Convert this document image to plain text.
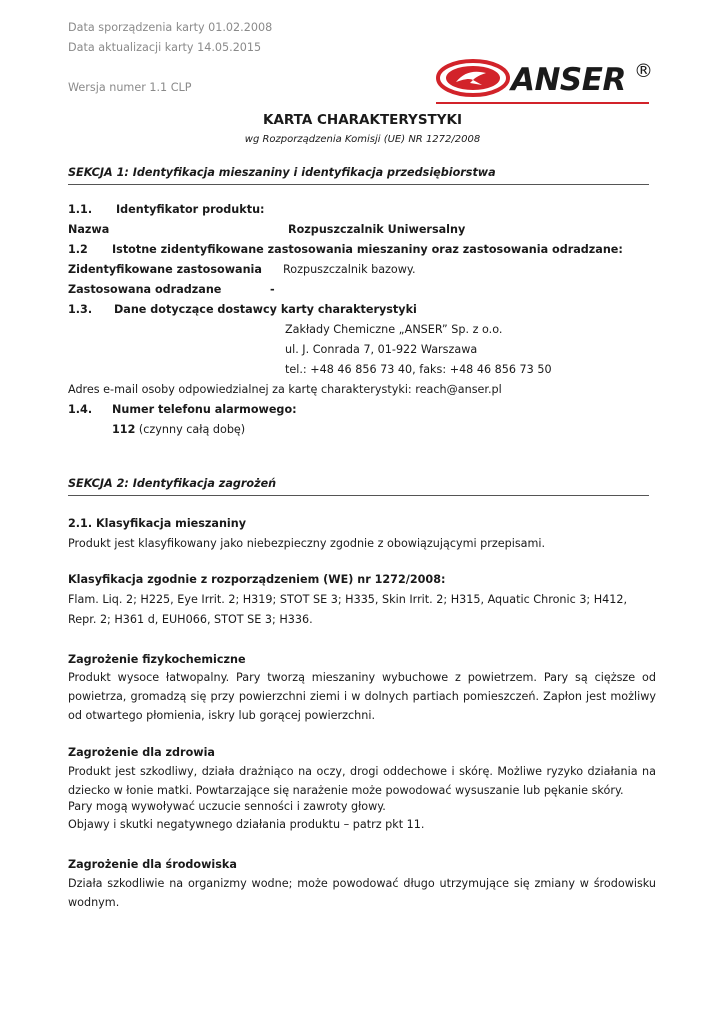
Data sporządzenia karty 01.02.2008
Data aktualizacji karty 14.05.2015
Wersja numer 1.1 CLP	ANSER ®
KARTA CHARAKTERYSTYKI
wg Rozporządzenia Komisji (UE) NR 1272/2008
SEKCJA 1: Identyfikacja mieszaniny i identyfikacja przedsiębiorstwa
1.1. Identyfikator produktu:
Nazwa	Rozpuszczalnik Uniwersalny
1.2 Istotne zidentyfikowane zastosowania mieszaniny oraz zastosowania odradzane:
Zidentyfikowane zastosowania Rozpuszczalnik bazowy.
Zastosowana odradzane	-
1.3. Dane dotyczące dostawcy karty charakterystyki
Zakłady Chemiczne „ANSER” Sp. z o.o.
ul. J. Conrada 7, 01-922 Warszawa
tel.: +48 46 856 73 40, faks: +48 46 856 73 50
Adres e-mail osoby odpowiedzialnej za kartę charakterystyki: reach@anser.pl
1.4. Numer telefonu alarmowego:
112 (czynny całą dobę)
SEKCJA 2: Identyfikacja zagrożeń
2.1. Klasyfikacja mieszaniny
Produkt jest klasyfikowany jako niebezpieczny zgodnie z obowiązującymi przepisami.
Klasyfikacja zgodnie z rozporządzeniem (WE) nr 1272/2008:
Flam. Liq. 2; H225, Eye Irrit. 2; H319; STOT SE 3; H335, Skin Irrit. 2; H315, Aquatic Chronic 3; H412,
Repr. 2; H361 d, EUH066, STOT SE 3; H336.
Zagrożenie fizykochemiczne
Produkt wysoce łatwopalny. Pary tworzą mieszaniny wybuchowe z powietrzem. Pary są cięższe od powietrza, gromadzą się przy powierzchni ziemi i w dolnych partiach pomieszczeń. Zapłon jest możliwy od otwartego płomienia, iskry lub gorącej powierzchni.
Zagrożenie dla zdrowia
Produkt jest szkodliwy, działa drażniąco na oczy, drogi oddechowe i skórę. Możliwe ryzyko działania na dziecko w łonie matki. Powtarzające się narażenie może powodować wysuszanie lub pękanie skóry.
Pary mogą wywoływać uczucie senności i zawroty głowy.
Objawy i skutki negatywnego działania produktu – patrz pkt 11.
Zagrożenie dla środowiska
Działa szkodliwie na organizmy wodne; może powodować długo utrzymujące się zmiany w środowisku wodnym.
